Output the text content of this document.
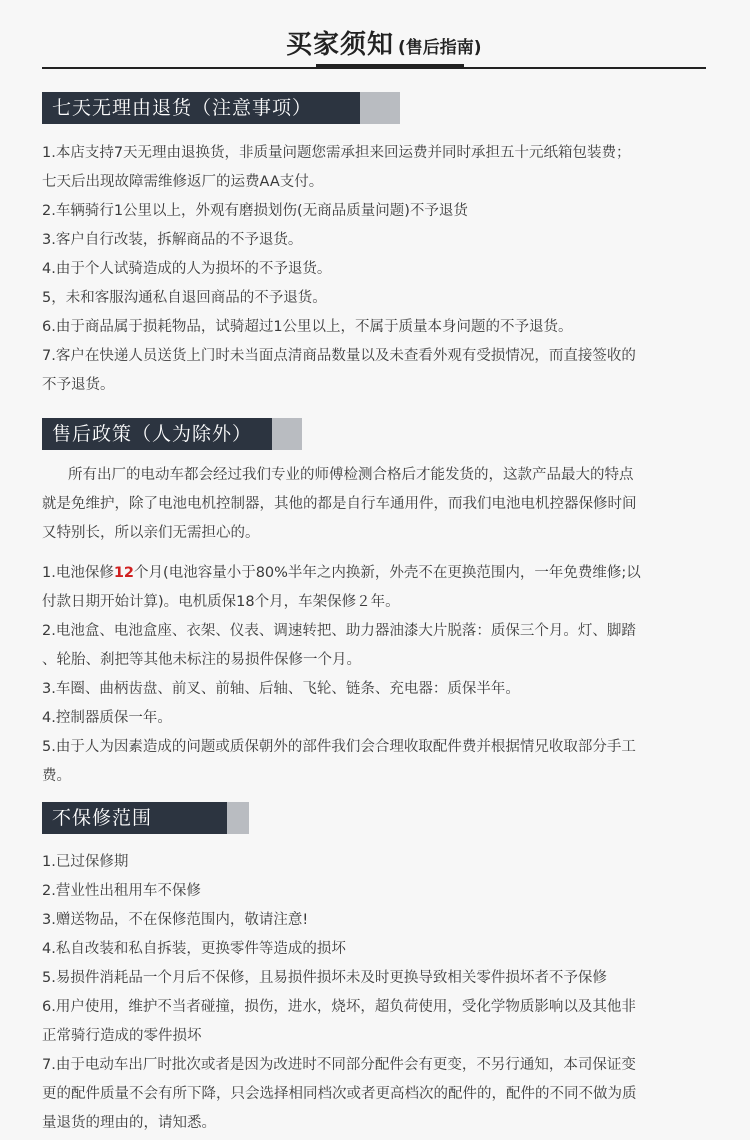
买家须知 (售后指南)
七天无理由退货（注意事项）
1.本店支持7天无理由退换货，非质量问题您需承担来回运费并同时承担五十元纸箱包装费；
七天后出现故障需维修返厂的运费AA支付。
2.车辆骑行1公里以上，外观有磨损划伤(无商品质量问题)不予退货
3.客户自行改装，拆解商品的不予退货。
4.由于个人试骑造成的人为损坏的不予退货。
5，未和客服沟通私自退回商品的不予退货。
6.由于商品属于损耗物品，试骑超过1公里以上，不属于质量本身问题的不予退货。
7.客户在快递人员送货上门时未当面点清商品数量以及未查看外观有受损情况，而直接签收的
不予退货。
售后政策（人为除外）
所有出厂的电动车都会经过我们专业的师傅检测合格后才能发货的，这款产品最大的特点
就是免维护，除了电池电机控制器，其他的都是自行车通用件，而我们电池电机控器保修时间
又特别长，所以亲们无需担心的。
1.电池保修12个月(电池容量小于80%半年之内换新，外壳不在更换范围内，一年免费维修;以
付款日期开始计算)。电机质保18个月，车架保修２年。
2.电池盒、电池盒座、衣架、仪表、调速转把、助力器油漆大片脱落：质保三个月。灯、脚踏
、轮胎、刹把等其他未标注的易损件保修一个月。
3.车圈、曲柄齿盘、前叉、前轴、后轴、飞轮、链条、充电器：质保半年。
4.控制器质保一年。
5.由于人为因素造成的问题或质保朝外的部件我们会合理收取配件费并根据情兄收取部分手工
费。
不保修范围
1.已过保修期
2.营业性出租用车不保修
3.赠送物品，不在保修范围内，敬请注意!
4.私自改装和私自拆装，更换零件等造成的损坏
5.易损件消耗品一个月后不保修，且易损件损坏未及时更换导致相关零件损坏者不予保修
6.用户使用，维护不当者碰撞，损伤，进水，烧坏，超负荷使用，受化学物质影响以及其他非
正常骑行造成的零件损坏
7.由于电动车出厂时批次或者是因为改进时不同部分配件会有更变，不另行通知，本司保证变
更的配件质量不会有所下降，只会选择相同档次或者更高档次的配件的，配件的不同不做为质
量退货的理由的，请知悉。
